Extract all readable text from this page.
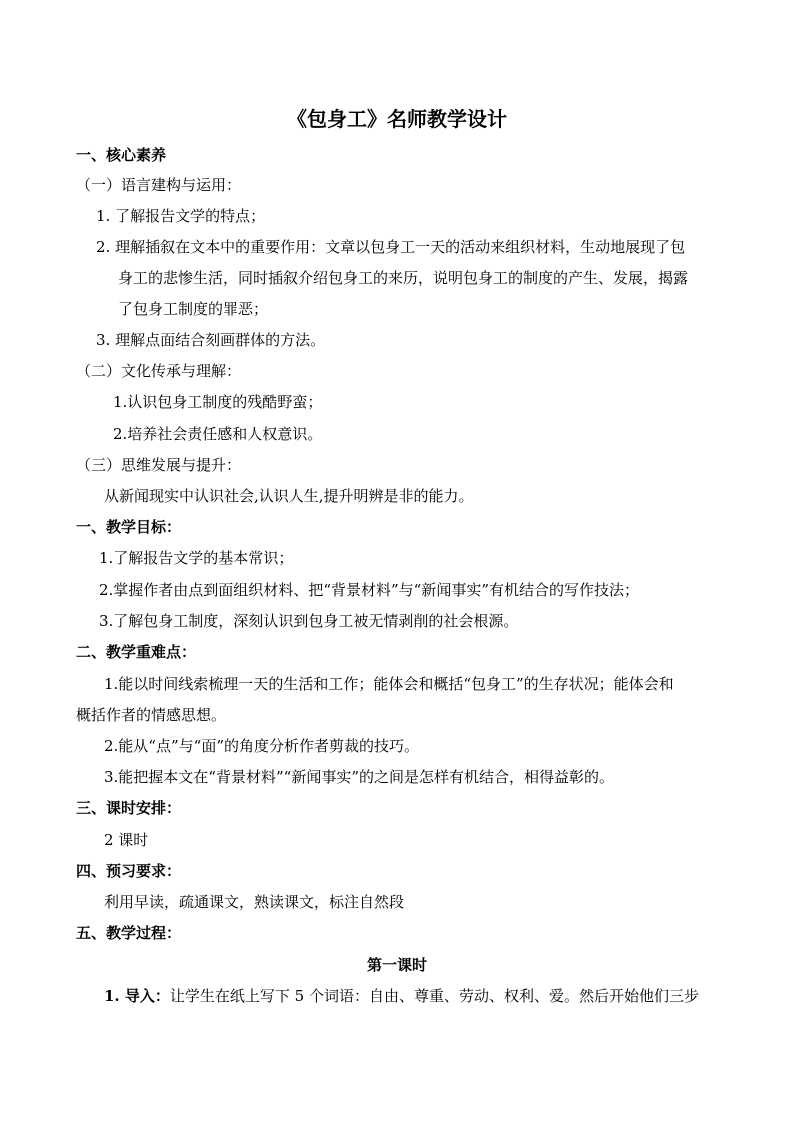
《包身工》名师教学设计
一、核心素养
（一）语言建构与运用：
1. 了解报告文学的特点；
2. 理解插叙在文本中的重要作用：文章以包身工一天的活动来组织材料，生动地展现了包
身工的悲惨生活，同时插叙介绍包身工的来历，说明包身工的制度的产生、发展，揭露
了包身工制度的罪恶；
3. 理解点面结合刻画群体的方法。
（二）文化传承与理解：
1.认识包身工制度的残酷野蛮；
2.培养社会责任感和人权意识。
（三）思维发展与提升：
从新闻现实中认识社会,认识人生,提升明辨是非的能力。
一、教学目标：
1.了解报告文学的基本常识；
2.掌握作者由点到面组织材料、把“背景材料”与“新闻事实”有机结合的写作技法；
3.了解包身工制度，深刻认识到包身工被无情剥削的社会根源。
二、教学重难点：
1.能以时间线索梳理一天的生活和工作；能体会和概括“包身工”的生存状况；能体会和
概括作者的情感思想。
2.能从“点”与“面”的角度分析作者剪裁的技巧。
3.能把握本文在“背景材料”“新闻事实”的之间是怎样有机结合，相得益彰的。
三、课时安排：
2 课时
四、预习要求：
利用早读，疏通课文，熟读课文，标注自然段
五、教学过程：
第一课时
1. 导入：让学生在纸上写下 5 个词语：自由、尊重、劳动、权利、爱。然后开始他们三步
